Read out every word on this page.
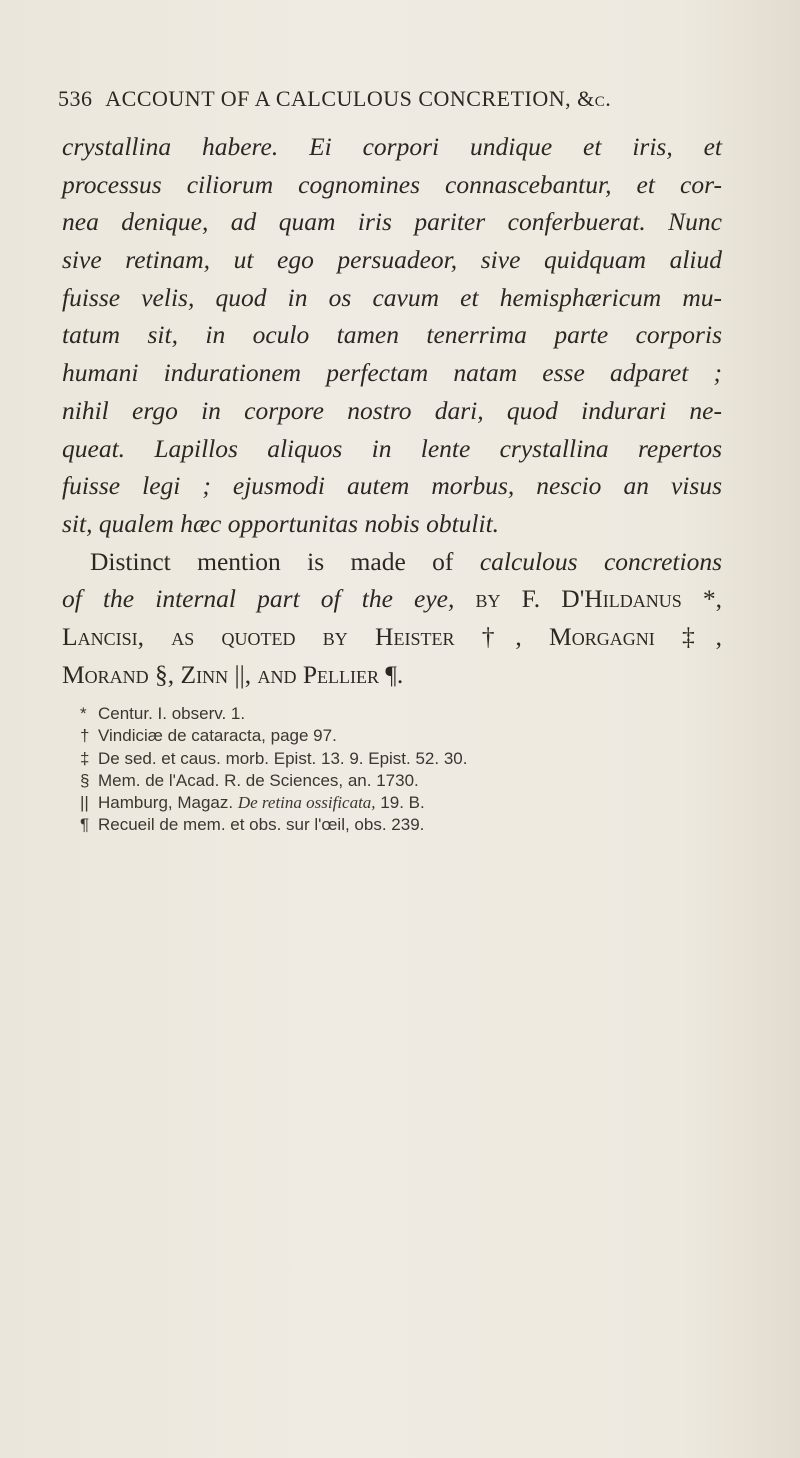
536 ACCOUNT OF A CALCULOUS CONCRETION, &c.
crystallina habere. Ei corpori undique et iris, et
processus ciliorum cognomines connascebantur, et cor-
nea denique, ad quam iris pariter conferbuerat. Nunc
sive retinam, ut ego persuadeor, sive quidquam aliud
fuisse velis, quod in os cavum et hemisphæricum mu-
tatum sit, in oculo tamen tenerrima parte corporis
humani indurationem perfectam natam esse adparet ;
nihil ergo in corpore nostro dari, quod indurari ne-
queat. Lapillos aliquos in lente crystallina repertos
fuisse legi ; ejusmodi autem morbus, nescio an visus
sit, qualem hæc opportunitas nobis obtulit.
Distinct mention is made of calculous concretions
of the internal part of the eye, by F. D'Hildanus *,
Lancisi, as quoted by Heister †, Morgagni ‡,
Morand §, Zinn ||, and Pellier ¶.
* Centur. I. observ. 1.
† Vindiciæ de cataracta, page 97.
‡ De sed. et caus. morb. Epist. 13. 9. Epist. 52. 30.
§ Mem. de l'Acad. R. de Sciences, an. 1730.
|| Hamburg, Magaz. De retina ossificata, 19. B.
¶ Recueil de mem. et obs. sur l'œil, obs. 239.
